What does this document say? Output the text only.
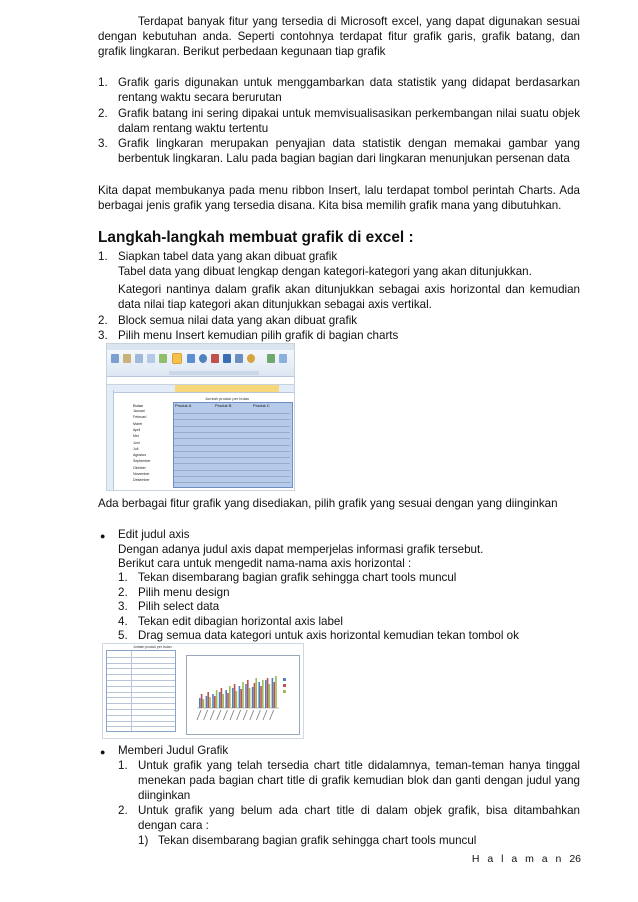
Terdapat banyak fitur yang tersedia di Microsoft excel, yang dapat digunakan sesuai dengan kebutuhan anda. Seperti contohnya terdapat fitur grafik garis, grafik batang, dan grafik lingkaran. Berikut perbedaan kegunaan tiap grafik

1. Grafik garis digunakan untuk menggambarkan data statistik yang didapat berdasarkan rentang waktu secara berurutan
2. Grafik batang ini sering dipakai untuk memvisualisasikan perkembangan nilai suatu objek dalam rentang waktu tertentu
3. Grafik lingkaran merupakan penyajian data statistik dengan memakai gambar yang berbentuk lingkaran. Lalu pada bagian bagian dari lingkaran menunjukan persenan data

Kita dapat membukanya pada menu ribbon Insert, lalu terdapat tombol perintah Charts. Ada berbagai jenis grafik yang tersedia disana. Kita bisa memilih grafik mana yang dibutuhkan.

Langkah-langkah membuat grafik di excel :
1. Siapkan tabel data yang akan dibuat grafik
Tabel data yang dibuat lengkap dengan kategori-kategori yang akan ditunjukkan.
Kategori nantinya dalam grafik akan ditunjukkan sebagai axis horizontal dan kemudian data nilai tiap kategori akan ditunjukkan sebagai axis vertikal.
2. Block semua nilai data yang akan dibuat grafik
3. Pilih menu Insert kemudian pilih grafik di bagian charts
Jumlah produk per bulan
Bulan	Produk A	Produk B	Produk C
Januari
Februari
Maret
April
Mei
Juni
Juli
Agustus
September
Oktober
November
Desember

Ada berbagai fitur grafik yang disediakan, pilih grafik yang sesuai dengan yang diinginkan

● Edit judul axis
Dengan adanya judul axis dapat memperjelas informasi grafik tersebut.
Berikut cara untuk mengedit nama-nama axis horizontal :
1. Tekan disembarang bagian grafik sehingga chart tools muncul
2. Pilih menu design
3. Pilih select data
4. Tekan edit dibagian horizontal axis label
5. Drag semua data kategori untuk axis horizontal kemudian tekan tombol ok
Jumlah produk per bulan
● Memberi Judul Grafik
1. Untuk grafik yang telah tersedia chart title didalamnya, teman-teman hanya tinggal menekan pada bagian chart title di grafik kemudian blok dan ganti dengan judul yang diinginkan
2. Untuk grafik yang belum ada chart title di dalam objek grafik, bisa ditambahkan dengan cara :
1) Tekan disembarang bagian grafik sehingga chart tools muncul
H a l a m a n 26
